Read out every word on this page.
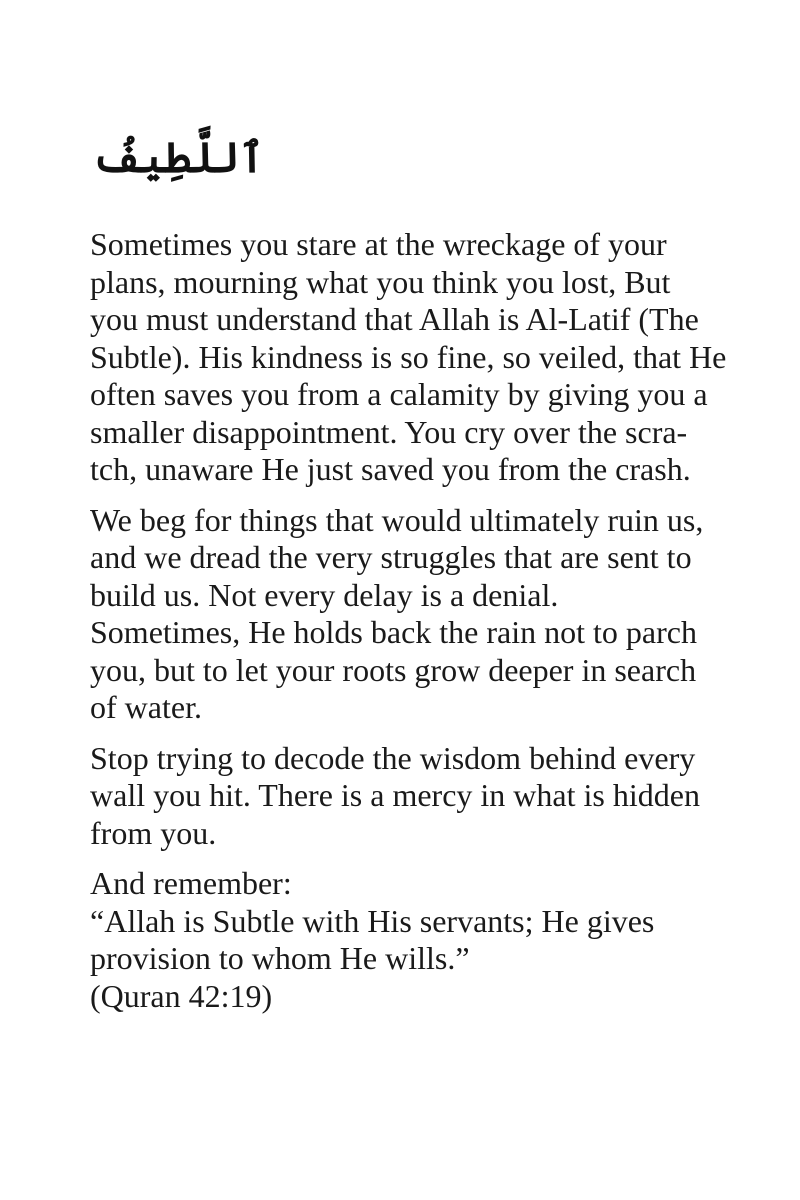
ٱللَّطِيفُ

Sometimes you stare at the wreckage of your
plans, mourning what you think you lost, But
you must understand that Allah is Al-Latif (The
Subtle). His kindness is so fine, so veiled, that He
often saves you from a calamity by giving you a
smaller disappointment. You cry over the scra-
tch, unaware He just saved you from the crash.

We beg for things that would ultimately ruin us,
and we dread the very struggles that are sent to
build us. Not every delay is a denial.
Sometimes, He holds back the rain not to parch
you, but to let your roots grow deeper in search
of water.

Stop trying to decode the wisdom behind every
wall you hit. There is a mercy in what is hidden
from you.

And remember:
“Allah is Subtle with His servants; He gives
provision to whom He wills.”
(Quran 42:19)
